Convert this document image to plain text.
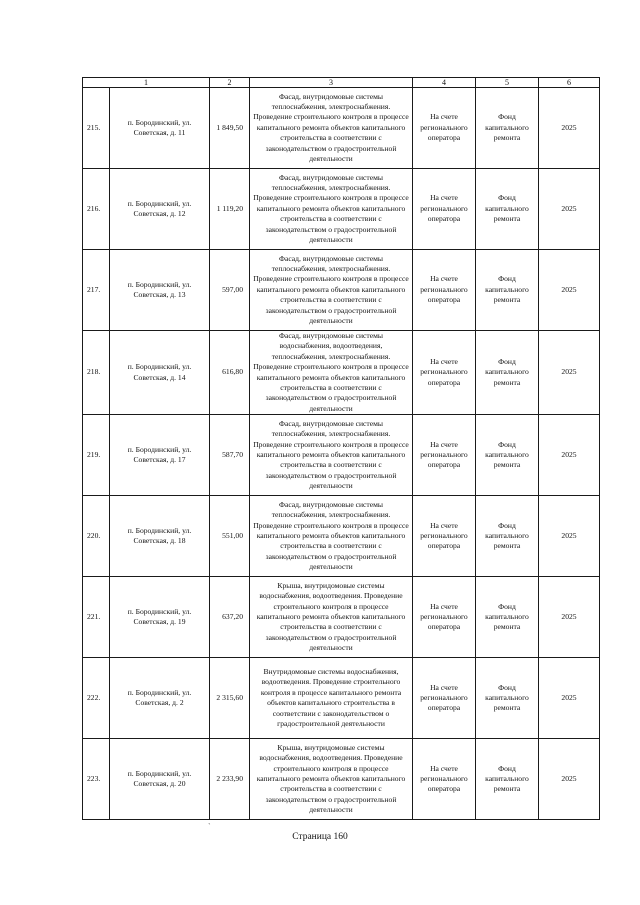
1		2	3	4	5	6
215.	п. Бородинский, ул. Советская, д. 11	1 849,50	Фасад, внутридомовые системы теплоснабжения, электроснабжения. Проведение строительного контроля в процессе капитального ремонта объектов капитального строительства в соответствии с законодательством о градостроительной деятельности	На счете регионального оператора	Фонд капитального ремонта	2025
216.	п. Бородинский, ул. Советская, д. 12	1 119,20	Фасад, внутридомовые системы теплоснабжения, электроснабжения. Проведение строительного контроля в процессе капитального ремонта объектов капитального строительства в соответствии с законодательством о градостроительной деятельности	На счете регионального оператора	Фонд капитального ремонта	2025
217.	п. Бородинский, ул. Советская, д. 13	597,00	Фасад, внутридомовые системы теплоснабжения, электроснабжения. Проведение строительного контроля в процессе капитального ремонта объектов капитального строительства в соответствии с законодательством о градостроительной деятельности	На счете регионального оператора	Фонд капитального ремонта	2025
218.	п. Бородинский, ул. Советская, д. 14	616,80	Фасад, внутридомовые системы водоснабжения, водоотведения, теплоснабжения, электроснабжения. Проведение строительного контроля в процессе капитального ремонта объектов капитального строительства в соответствии с законодательством о градостроительной деятельности	На счете регионального оператора	Фонд капитального ремонта	2025
219.	п. Бородинский, ул. Советская, д. 17	587,70	Фасад, внутридомовые системы теплоснабжения, электроснабжения. Проведение строительного контроля в процессе капитального ремонта объектов капитального строительства в соответствии с законодательством о градостроительной деятельности	На счете регионального оператора	Фонд капитального ремонта	2025
220.	п. Бородинский, ул. Советская, д. 18	551,00	Фасад, внутридомовые системы теплоснабжения, электроснабжения. Проведение строительного контроля в процессе капитального ремонта объектов капитального строительства в соответствии с законодательством о градостроительной деятельности	На счете регионального оператора	Фонд капитального ремонта	2025
221.	п. Бородинский, ул. Советская, д. 19	637,20	Крыша, внутридомовые системы водоснабжения, водоотведения. Проведение строительного контроля в процессе капитального ремонта объектов капитального строительства в соответствии с законодательством о градостроительной деятельности	На счете регионального оператора	Фонд капитального ремонта	2025
222.	п. Бородинский, ул. Советская, д. 2	2 315,60	Внутридомовые системы водоснабжения, водоотведения. Проведение строительного контроля в процессе капитального ремонта объектов капитального строительства в соответствии с законодательством о градостроительной деятельности	На счете регионального оператора	Фонд капитального ремонта	2025
223.	п. Бородинский, ул. Советская, д. 20	2 233,90	Крыша, внутридомовые системы водоснабжения, водоотведения. Проведение строительного контроля в процессе капитального ремонта объектов капитального строительства в соответствии с законодательством о градостроительной деятельности	На счете регионального оператора	Фонд капитального ремонта	2025
`
Страница 160
